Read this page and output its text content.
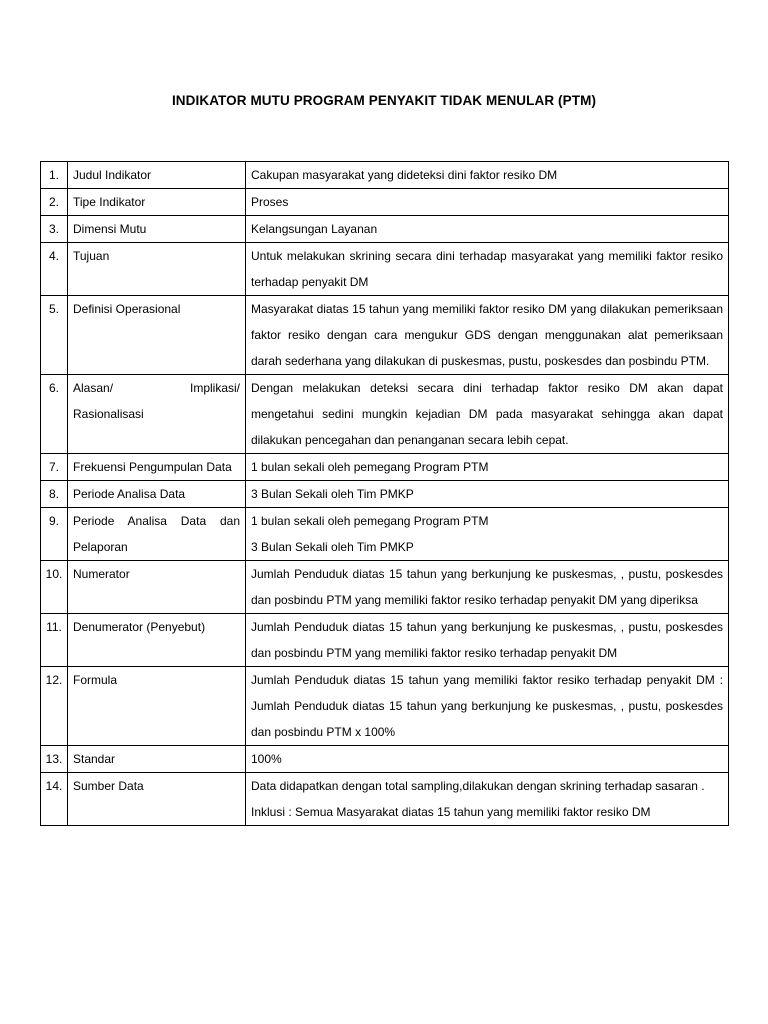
INDIKATOR MUTU PROGRAM PENYAKIT TIDAK MENULAR (PTM)
1.	Judul Indikator	Cakupan masyarakat yang dideteksi dini faktor resiko DM

2.	Tipe Indikator	Proses

3.	Dimensi Mutu	Kelangsungan Layanan

4.	Tujuan	Untuk melakukan skrining secara dini terhadap masyarakat yang memiliki faktor resiko terhadap penyakit DM

5.	Definisi Operasional	Masyarakat diatas 15 tahun yang memiliki faktor resiko DM yang dilakukan pemeriksaan faktor resiko dengan cara mengukur GDS dengan menggunakan alat pemeriksaan darah sederhana yang dilakukan di puskesmas, pustu, poskesdes dan posbindu PTM.

6.	Alasan/ Implikasi/ Rasionalisasi	Dengan melakukan deteksi secara dini terhadap faktor resiko DM akan dapat mengetahui sedini mungkin kejadian DM pada masyarakat sehingga akan dapat dilakukan pencegahan dan penanganan secara lebih cepat.

7.	Frekuensi Pengumpulan Data	1 bulan sekali oleh pemegang Program PTM

8.	Periode Analisa Data	3 Bulan Sekali oleh Tim PMKP

9.	Periode Analisa Data dan Pelaporan	1 bulan sekali oleh pemegang Program PTM
3 Bulan Sekali oleh Tim PMKP

10.	Numerator	Jumlah Penduduk diatas 15 tahun yang berkunjung ke puskesmas, , pustu, poskesdes dan posbindu PTM yang memiliki faktor resiko terhadap penyakit DM yang diperiksa

11.	Denumerator (Penyebut)	Jumlah Penduduk diatas 15 tahun yang berkunjung ke puskesmas, , pustu, poskesdes dan posbindu PTM yang memiliki faktor resiko terhadap penyakit DM

12.	Formula	Jumlah Penduduk diatas 15 tahun yang memiliki faktor resiko terhadap penyakit DM : Jumlah Penduduk diatas 15 tahun yang berkunjung ke puskesmas, , pustu, poskesdes dan posbindu PTM x 100%

13.	Standar	100%

14.	Sumber Data	Data didapatkan dengan total sampling,dilakukan dengan skrining terhadap sasaran .
Inklusi : Semua Masyarakat diatas 15 tahun yang memiliki faktor resiko DM
